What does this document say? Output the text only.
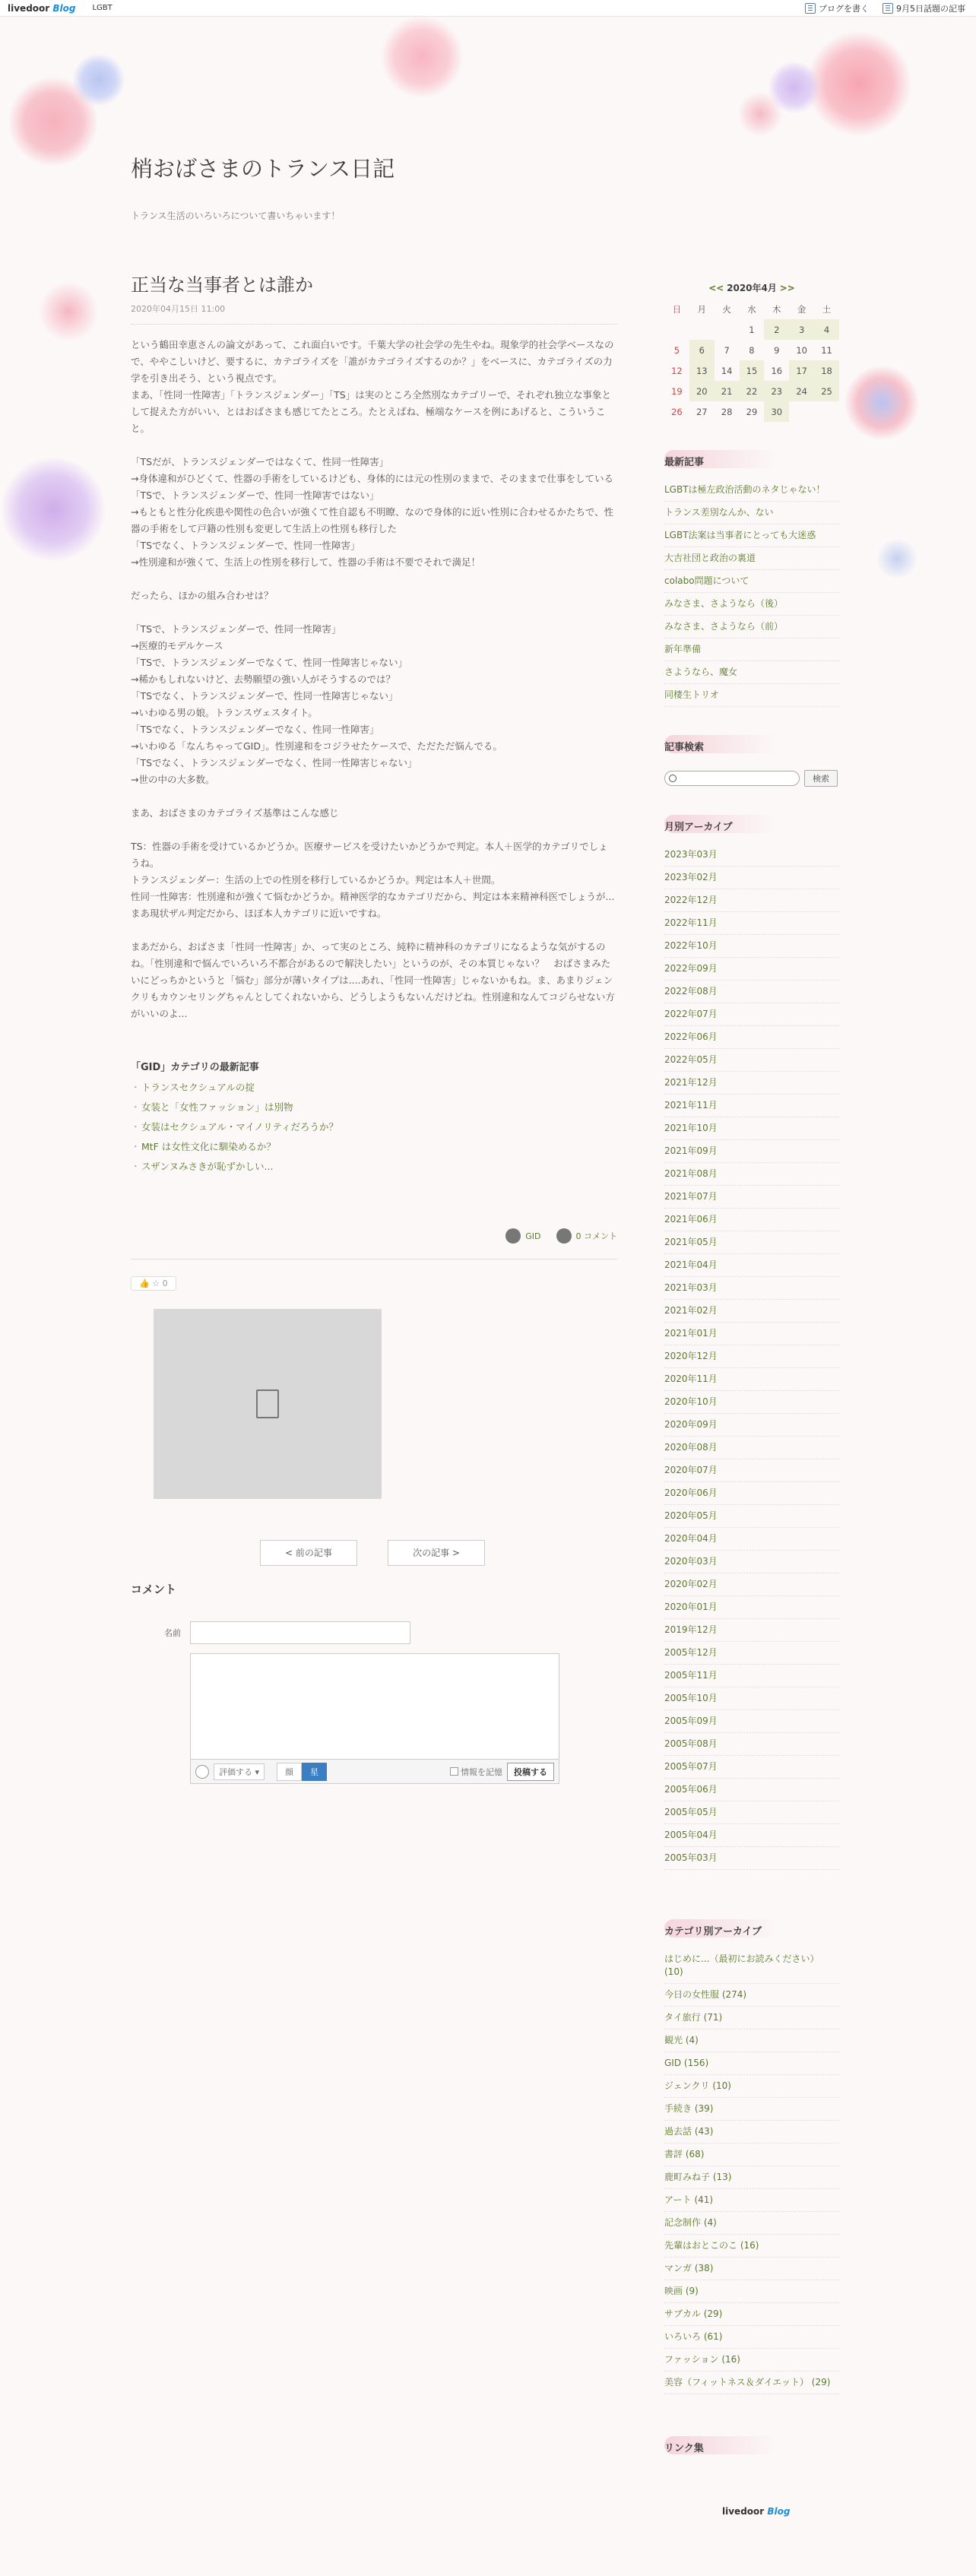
livedoor Blog LGBT	ブログを書く	9月5日話題の記事
梢おばさまのトランス日記
トランス生活のいろいろについて書いちゃいます！
正当な当事者とは誰か
2020年04月15日 11:00

という鶴田幸恵さんの論文があって、これ面白いです。千葉大学の社会学の先生やね。現象学的社会学ベースなので、ややこしいけど、要するに、カテゴライズを「誰がカテゴライズするのか？」をベースに、カテゴライズの力学を引き出そう、という視点です。

まあ、「性同一性障害」「トランスジェンダー」「TS」は実のところ全然別なカテゴリーで、それぞれ独立な事象として捉えた方がいい、とはおばさまも感じてたところ。たとえばね、極端なケースを例にあげると、こういうこと。

「TSだが、トランスジェンダーではなくて、性同一性障害」

→身体違和がひどくて、性器の手術をしているけども、身体的には元の性別のままで、そのままで仕事をしている

「TSで、トランスジェンダーで、性同一性障害ではない」

→もともと性分化疾患や関性の色合いが強くて性自認も不明瞭、なので身体的に近い性別に合わせるかたちで、性器の手術をして戸籍の性別も変更して生活上の性別も移行した

「TSでなく、トランスジェンダーで、性同一性障害」

→性別違和が強くて、生活上の性別を移行して、性器の手術は不要でそれで満足！

だったら、ほかの組み合わせは？

「TSで、トランスジェンダーで、性同一性障害」

→医療的モデルケース

「TSで、トランスジェンダーでなくて、性同一性障害じゃない」

→稀かもしれないけど、去勢願望の強い人がそうするのでは？

「TSでなく、トランスジェンダーで、性同一性障害じゃない」

→いわゆる男の娘。トランスヴェスタイト。

「TSでなく、トランスジェンダーでなく、性同一性障害」

→いわゆる「なんちゃってGID」。性別違和をコジラせたケースで、ただただ悩んでる。

「TSでなく、トランスジェンダーでなく、性同一性障害じゃない」

→世の中の大多数。

まあ、おばさまのカテゴライズ基準はこんな感じ

TS：性器の手術を受けているかどうか。医療サービスを受けたいかどうかで判定。本人＋医学的カテゴリでしょうね。

トランスジェンダー：生活の上での性別を移行しているかどうか。判定は本人＋世間。

性同一性障害：性別違和が強くて悩むかどうか。精神医学的なカテゴリだから、判定は本来精神科医でしょうが...まあ現状ザル判定だから、ほぼ本人カテゴリに近いですね。

まあだから、おばさま「性同一性障害」か、って実のところ、純粋に精神科のカテゴリになるような気がするのね。「性別違和で悩んでいろいろ不都合があるので解決したい」というのが、その本質じゃない？　おばさまみたいにどっちかというと「悩む」部分が薄いタイプは....あれ、「性同一性障害」じゃないかもね。ま、あまりジェンクリもカウンセリングちゃんとしてくれないから、どうしようもないんだけどね。性別違和なんてコジらせない方がいいのよ...

「GID」カテゴリの最新記事
・ トランスセクシュアルの掟
・ 女装と「女性ファッション」は別物
・ 女装はセクシュアル・マイノリティだろうか？
・ MtF は女性文化に馴染めるか？
・ スザンヌみさきが恥ずかしい...
GID	0 コメント
👍 ☆ 0
< 前の記事	次の記事 >
コメント
名前
評価する ▾	顔	星	情報を記憶	投稿する
<< 2020年4月 >>
日	月	火	水	木	金	土
			1	2	3	4
5	6	7	8	9	10	11
12	13	14	15	16	17	18
19	20	21	22	23	24	25
26	27	28	29	30		
最新記事
LGBTは極左政治活動のネタじゃない！
トランス差別なんか、ない
LGBT法案は当事者にとっても大迷惑
大吉社団と政治の裏道
colabo問題について
みなさま、さようなら（後）
みなさま、さようなら（前）
新年準備
さようなら、魔女
同棲生トリオ
記事検索
検索
月別アーカイブ
2023年03月
2023年02月
2022年12月
2022年11月
2022年10月
2022年09月
2022年08月
2022年07月
2022年06月
2022年05月
2021年12月
2021年11月
2021年10月
2021年09月
2021年08月
2021年07月
2021年06月
2021年05月
2021年04月
2021年03月
2021年02月
2021年01月
2020年12月
2020年11月
2020年10月
2020年09月
2020年08月
2020年07月
2020年06月
2020年05月
2020年04月
2020年03月
2020年02月
2020年01月
2019年12月
2005年12月
2005年11月
2005年10月
2005年09月
2005年08月
2005年07月
2005年06月
2005年05月
2005年04月
2005年03月
カテゴリ別アーカイブ
はじめに...（最初にお読みください） (10)
今日の女性服 (274)
タイ旅行 (71)
観光 (4)
GID (156)
ジェンクリ (10)
手続き (39)
過去話 (43)
書評 (68)
鹿町みね子 (13)
アート (41)
記念制作 (4)
先輩はおとこのこ (16)
マンガ (38)
映画 (9)
サブカル (29)
いろいろ (61)
ファッション (16)
美容（フィットネス＆ダイエット） (29)
リンク集
livedoor Blog
